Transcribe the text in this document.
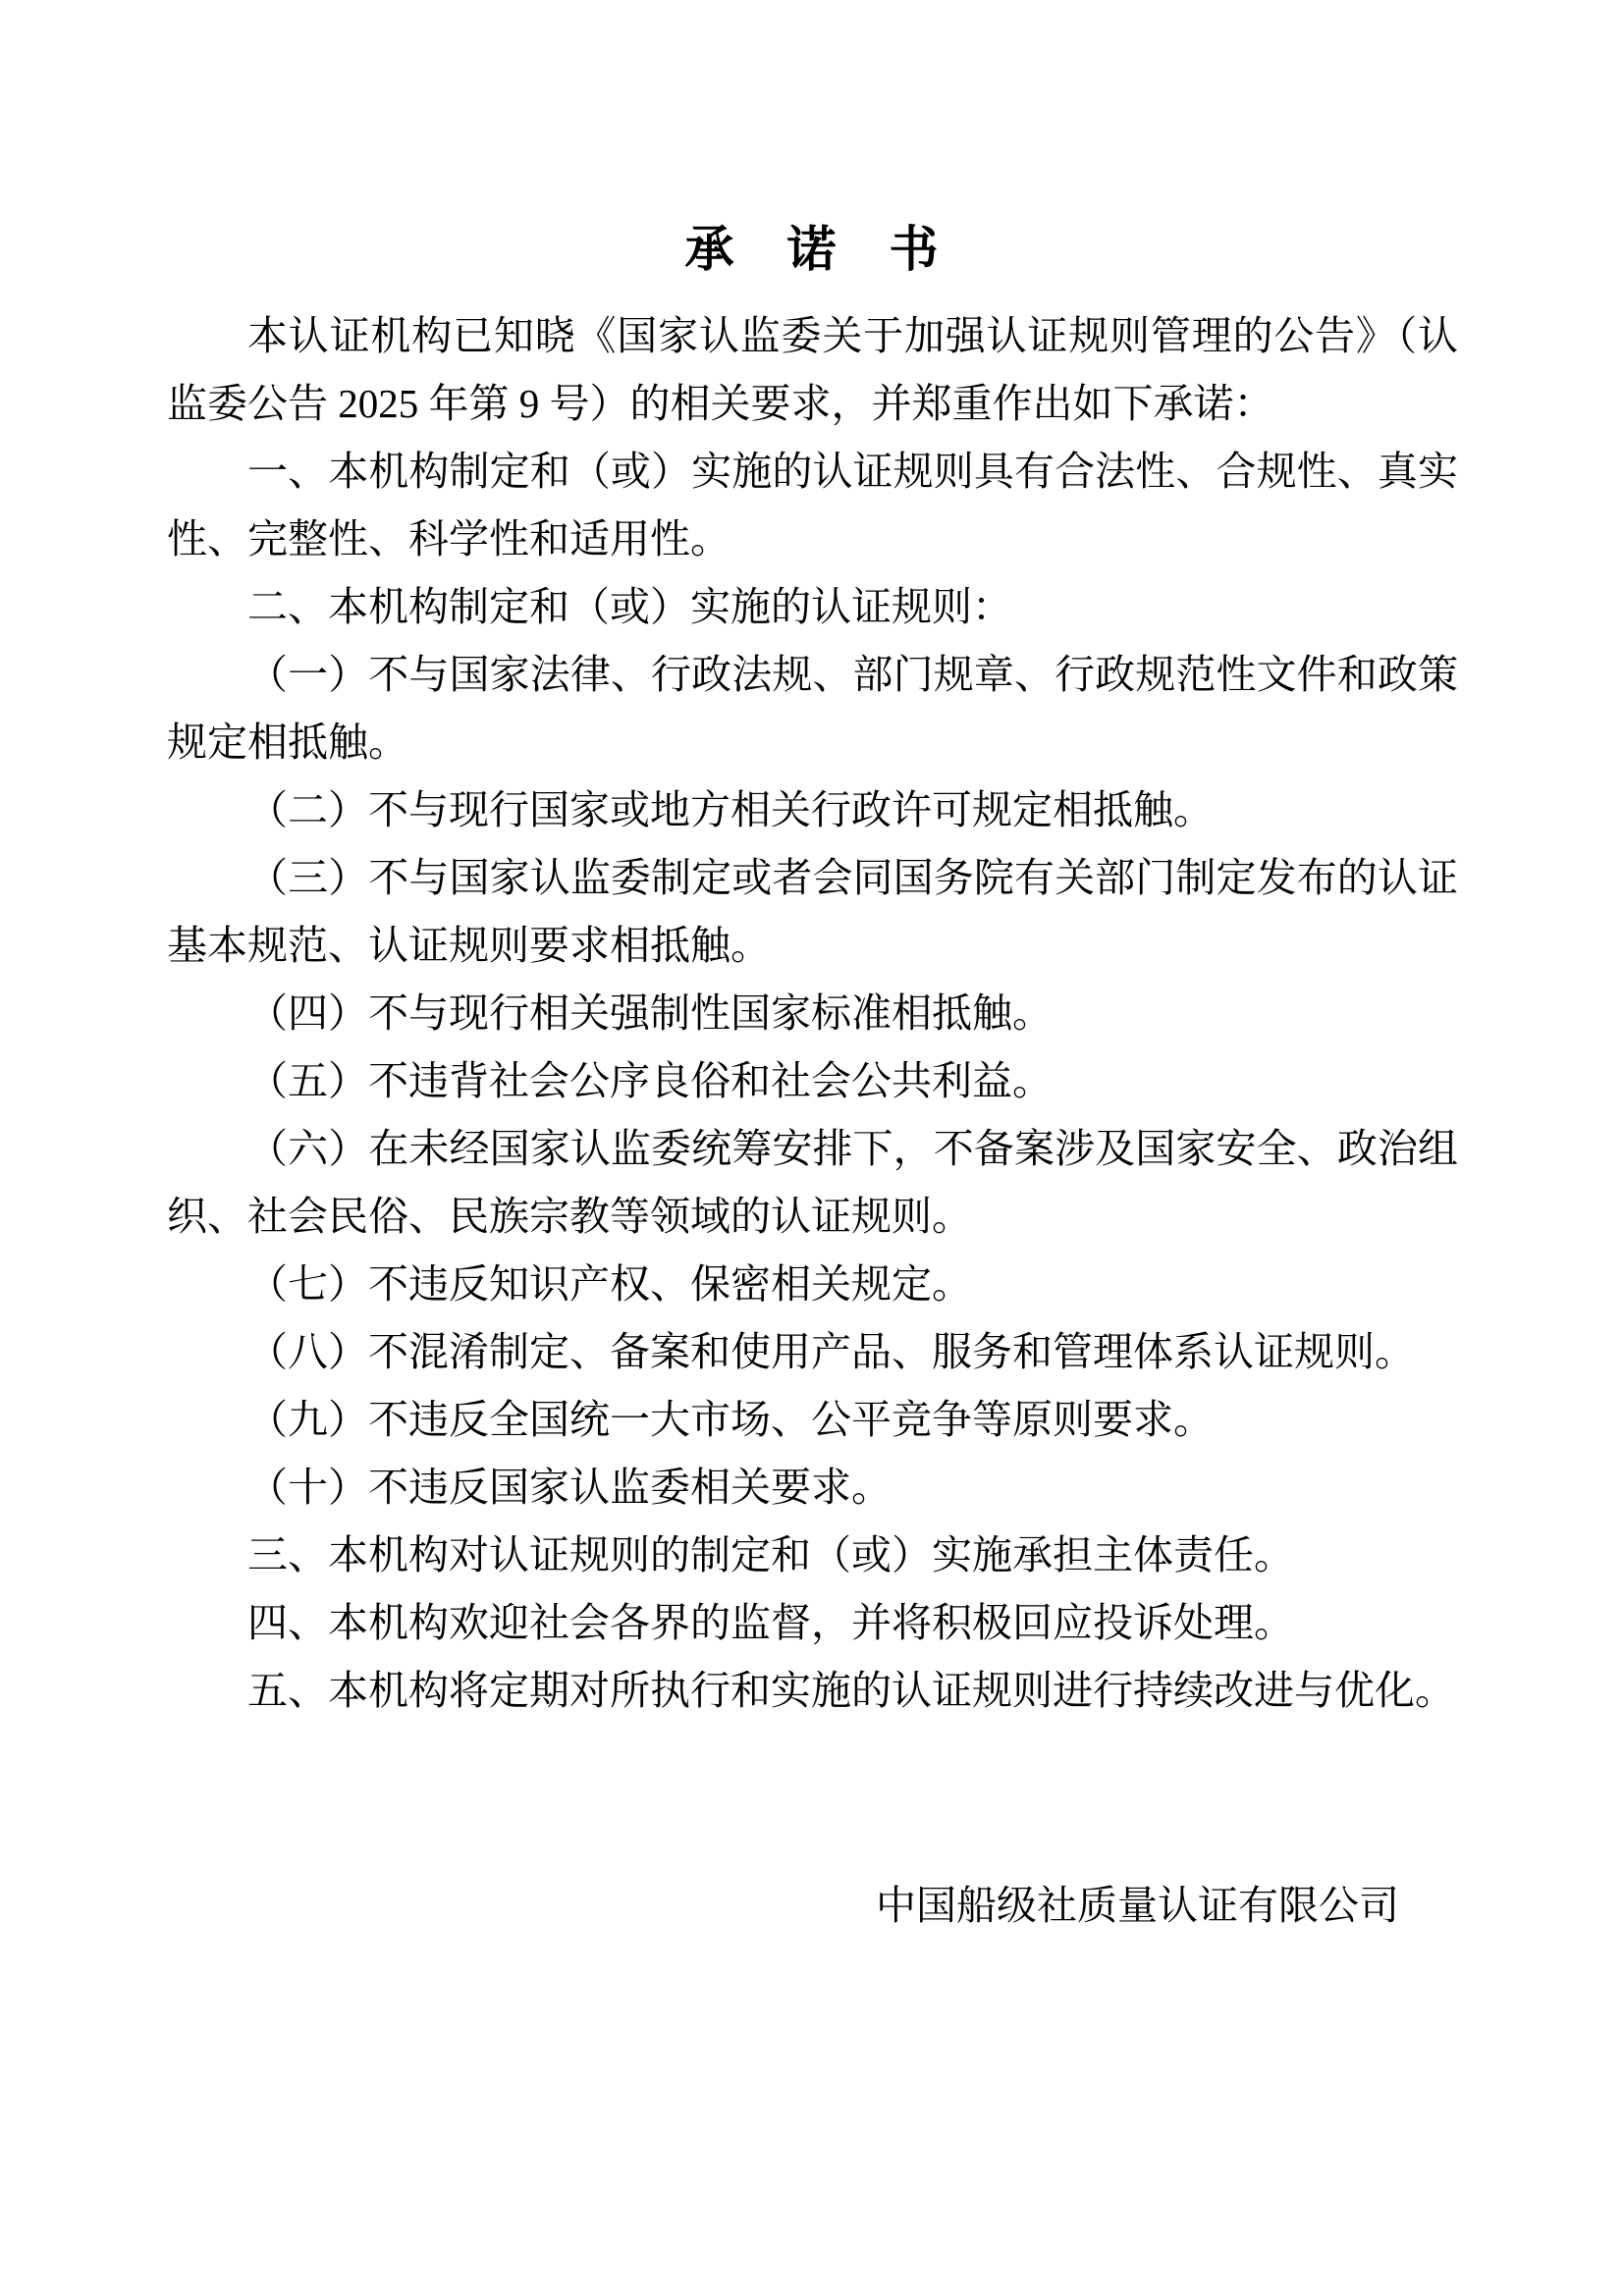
承　诺　书

本认证机构已知晓《国家认监委关于加强认证规则管理的公告》（认监委公告 2025 年第 9 号）的相关要求，并郑重作出如下承诺：

一、本机构制定和（或）实施的认证规则具有合法性、合规性、真实性、完整性、科学性和适用性。

二、本机构制定和（或）实施的认证规则：

（一）不与国家法律、行政法规、部门规章、行政规范性文件和政策规定相抵触。

（二）不与现行国家或地方相关行政许可规定相抵触。

（三）不与国家认监委制定或者会同国务院有关部门制定发布的认证基本规范、认证规则要求相抵触。

（四）不与现行相关强制性国家标准相抵触。

（五）不违背社会公序良俗和社会公共利益。

（六）在未经国家认监委统筹安排下，不备案涉及国家安全、政治组织、社会民俗、民族宗教等领域的认证规则。

（七）不违反知识产权、保密相关规定。

（八）不混淆制定、备案和使用产品、服务和管理体系认证规则。

（九）不违反全国统一大市场、公平竞争等原则要求。

（十）不违反国家认监委相关要求。

三、本机构对认证规则的制定和（或）实施承担主体责任。

四、本机构欢迎社会各界的监督，并将积极回应投诉处理。

五、本机构将定期对所执行和实施的认证规则进行持续改进与优化。

中国船级社质量认证有限公司
